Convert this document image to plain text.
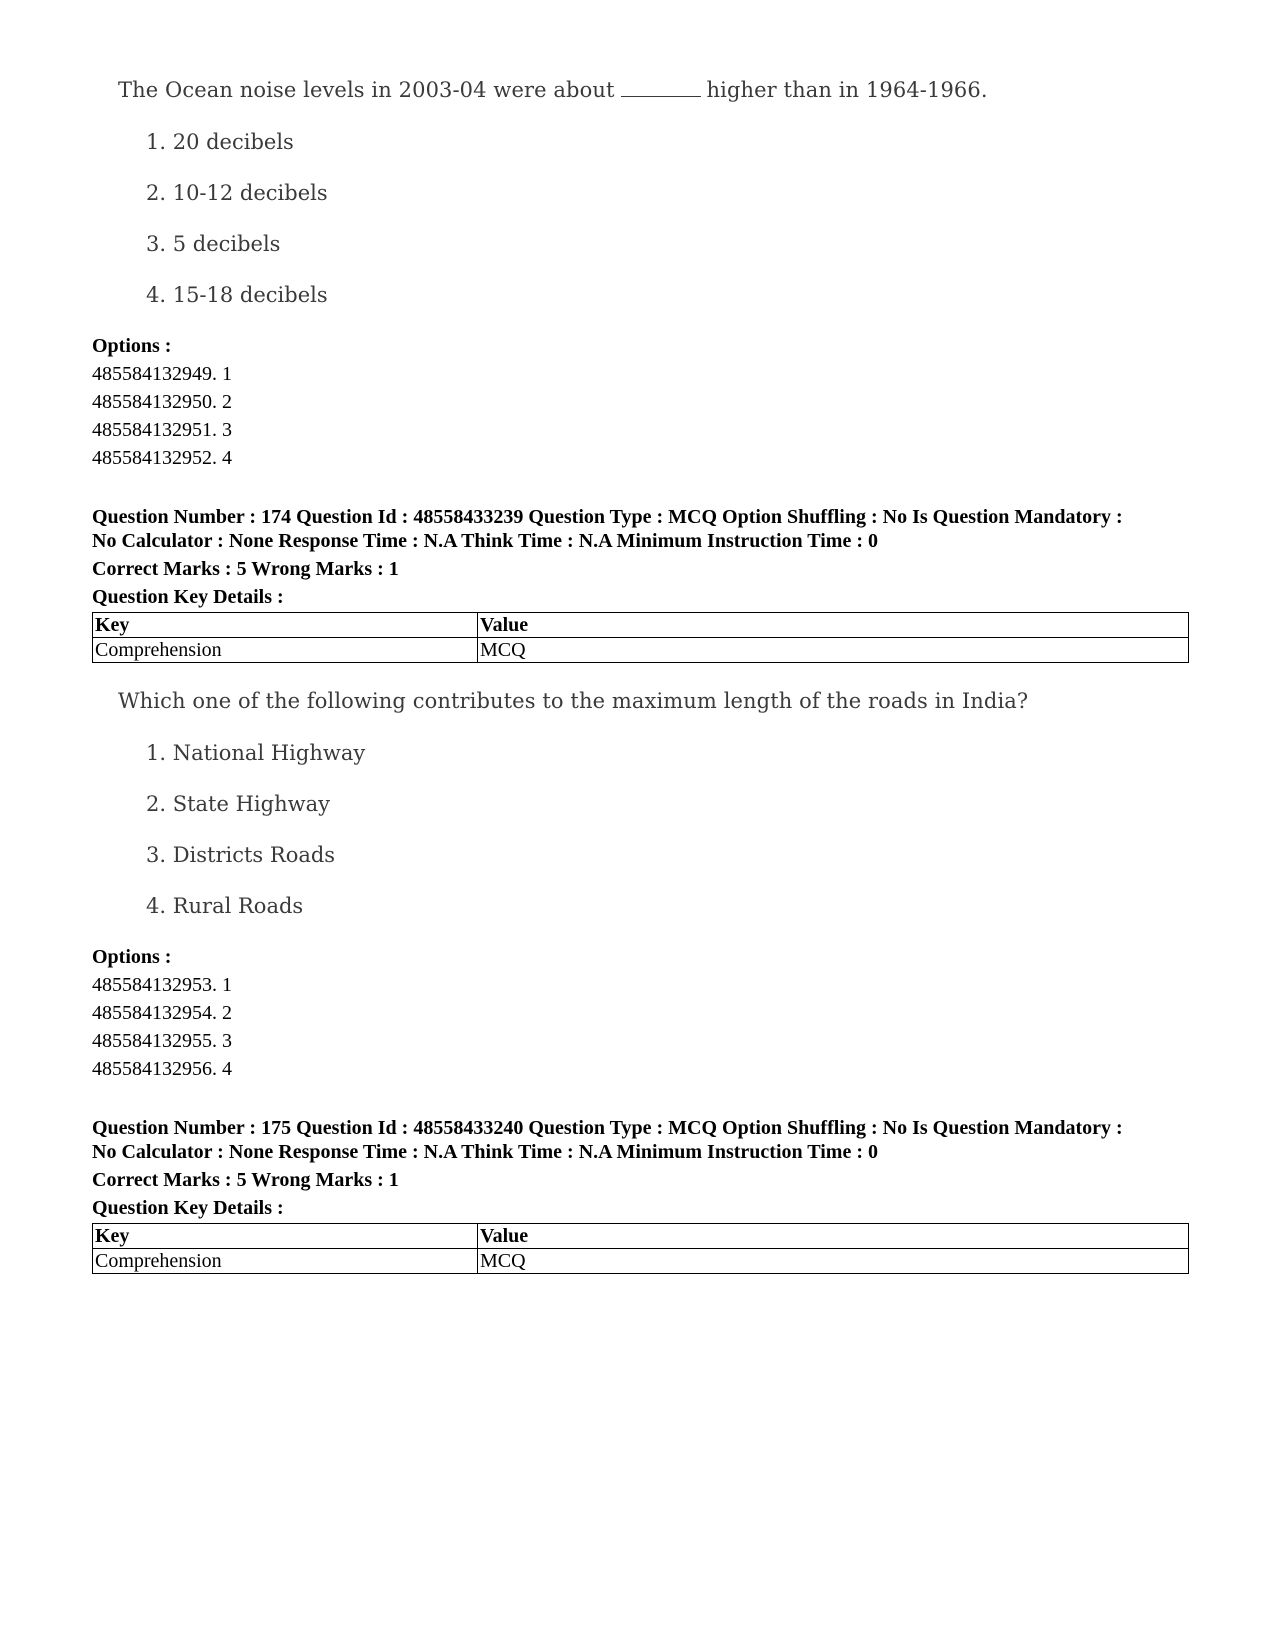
The Ocean noise levels in 2003-04 were about	higher than in 1964-1966.
1. 20 decibels
2. 10-12 decibels
3. 5 decibels
4. 15-18 decibels
Options :
485584132949. 1
485584132950. 2
485584132951. 3
485584132952. 4
Question Number : 174 Question Id : 48558433239 Question Type : MCQ Option Shuffling : No Is Question Mandatory :
No Calculator : None Response Time : N.A Think Time : N.A Minimum Instruction Time : 0
Correct Marks : 5 Wrong Marks : 1
Question Key Details :
Key	Value
Comprehension	MCQ
Which one of the following contributes to the maximum length of the roads in India?
1. National Highway
2. State Highway
3. Districts Roads
4. Rural Roads
Options :
485584132953. 1
485584132954. 2
485584132955. 3
485584132956. 4
Question Number : 175 Question Id : 48558433240 Question Type : MCQ Option Shuffling : No Is Question Mandatory :
No Calculator : None Response Time : N.A Think Time : N.A Minimum Instruction Time : 0
Correct Marks : 5 Wrong Marks : 1
Question Key Details :
Key	Value
Comprehension	MCQ
